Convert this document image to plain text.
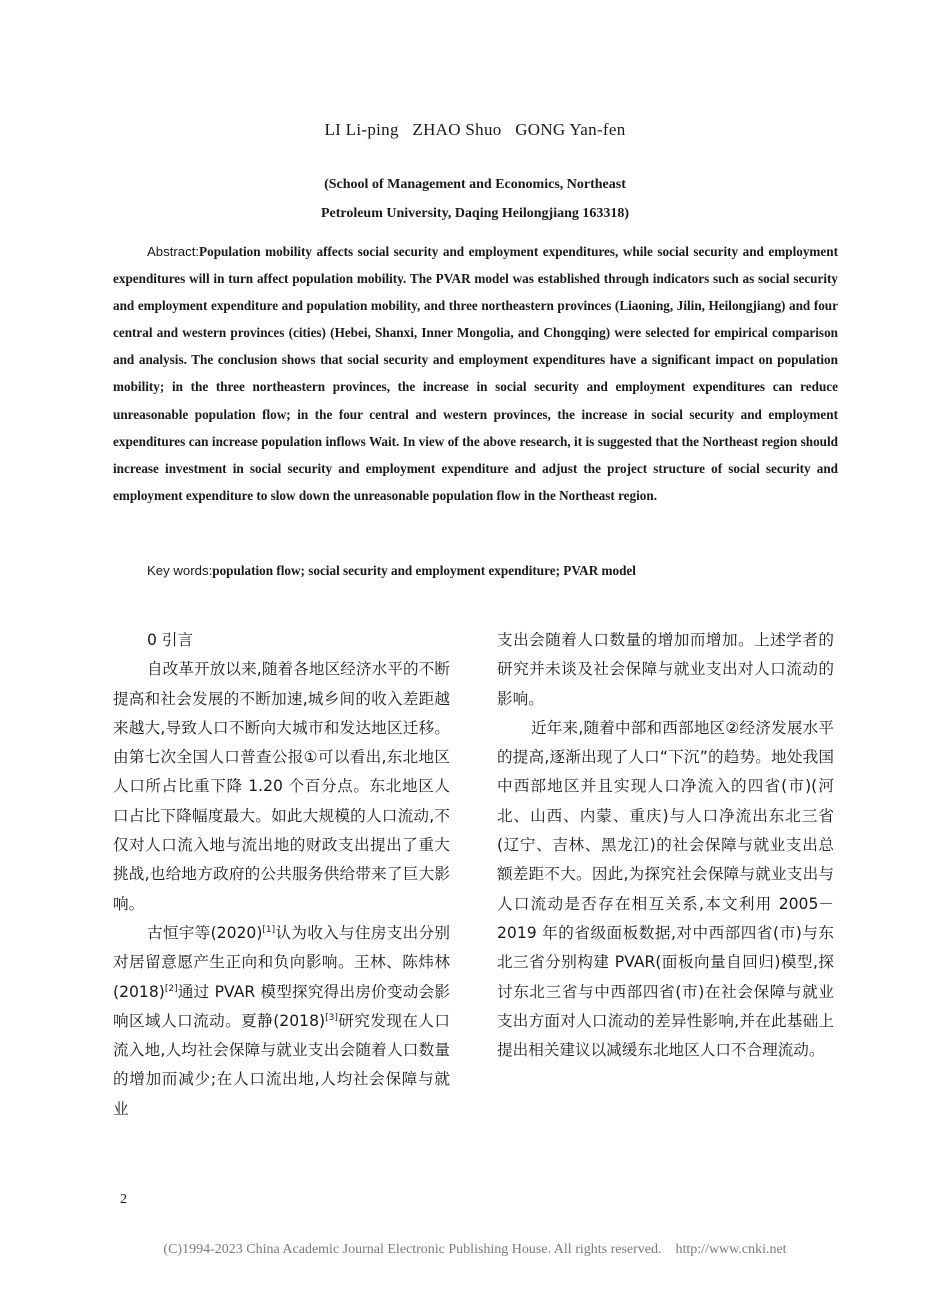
LI Li-ping   ZHAO Shuo   GONG Yan-fen
(School of Management and Economics, Northeast
Petroleum University, Daqing Heilongjiang 163318)

Abstract:Population mobility affects social security and employment expenditures, while social security and employment expenditures will in turn affect population mobility. The PVAR model was established through indicators such as social security and employment expenditure and population mobility, and three northeastern provinces (Liaoning, Jilin, Heilongjiang) and four central and western provinces (cities) (Hebei, Shanxi, Inner Mongolia, and Chongqing) were selected for empirical comparison and analysis. The conclusion shows that social security and employment expenditures have a significant impact on population mobility; in the three northeastern provinces, the increase in social security and employment expenditures can reduce unreasonable population flow; in the four central and western provinces, the increase in social security and employment expenditures can increase population inflows Wait. In view of the above research, it is suggested that the Northeast region should increase investment in social security and employment expenditure and adjust the project structure of social security and employment expenditure to slow down the unreasonable population flow in the Northeast region.

Key words:population flow; social security and employment expenditure; PVAR model
0 引言

自改革开放以来,随着各地区经济水平的不断提高和社会发展的不断加速,城乡间的收入差距越来越大,导致人口不断向大城市和发达地区迁移。由第七次全国人口普查公报①可以看出,东北地区人口所占比重下降 1.20 个百分点。东北地区人口占比下降幅度最大。如此大规模的人口流动,不仅对人口流入地与流出地的财政支出提出了重大挑战,也给地方政府的公共服务供给带来了巨大影响。

古恒宇等(2020)[1]认为收入与住房支出分别对居留意愿产生正向和负向影响。王林、陈炜林(2018)[2]通过 PVAR 模型探究得出房价变动会影响区域人口流动。夏静(2018)[3]研究发现在人口流入地,人均社会保障与就业支出会随着人口数量的增加而减少;在人口流出地,人均社会保障与就业

支出会随着人口数量的增加而增加。上述学者的研究并未谈及社会保障与就业支出对人口流动的影响。

近年来,随着中部和西部地区②经济发展水平的提高,逐渐出现了人口“下沉”的趋势。地处我国中西部地区并且实现人口净流入的四省(市)(河北、山西、内蒙、重庆)与人口净流出东北三省(辽宁、吉林、黑龙江)的社会保障与就业支出总额差距不大。因此,为探究社会保障与就业支出与人口流动是否存在相互关系,本文利用 2005－2019 年的省级面板数据,对中西部四省(市)与东北三省分别构建 PVAR(面板向量自回归)模型,探讨东北三省与中西部四省(市)在社会保障与就业支出方面对人口流动的差异性影响,并在此基础上提出相关建议以减缓东北地区人口不合理流动。

2
(C)1994-2023 China Academic Journal Electronic Publishing House. All rights reserved.    http://www.cnki.net
